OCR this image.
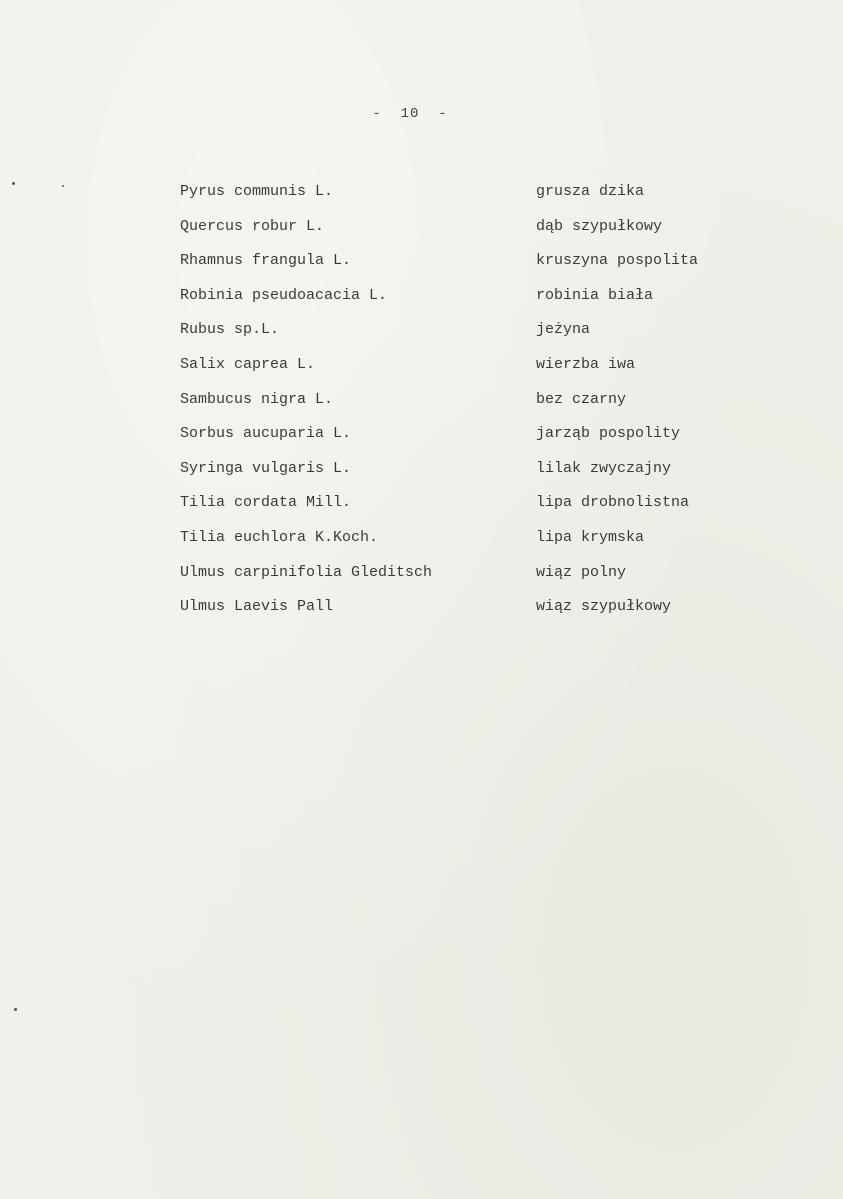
-  10  -
Pyrus communis L.	grusza dzika
Quercus robur L.	dąb szypułkowy
Rhamnus frangula L.	kruszyna pospolita
Robinia pseudoacacia L.	robinia biała
Rubus sp.L.	jeżyna
Salix caprea L.	wierzba iwa
Sambucus nigra L.	bez czarny
Sorbus aucuparia L.	jarząb pospolity
Syringa vulgaris L.	lilak zwyczajny
Tilia cordata Mill.	lipa drobnolistna
Tilia euchlora K.Koch.	lipa krymska
Ulmus carpinifolia Gleditsch	wiąz polny
Ulmus Laevis Pall	wiąz szypułkowy
